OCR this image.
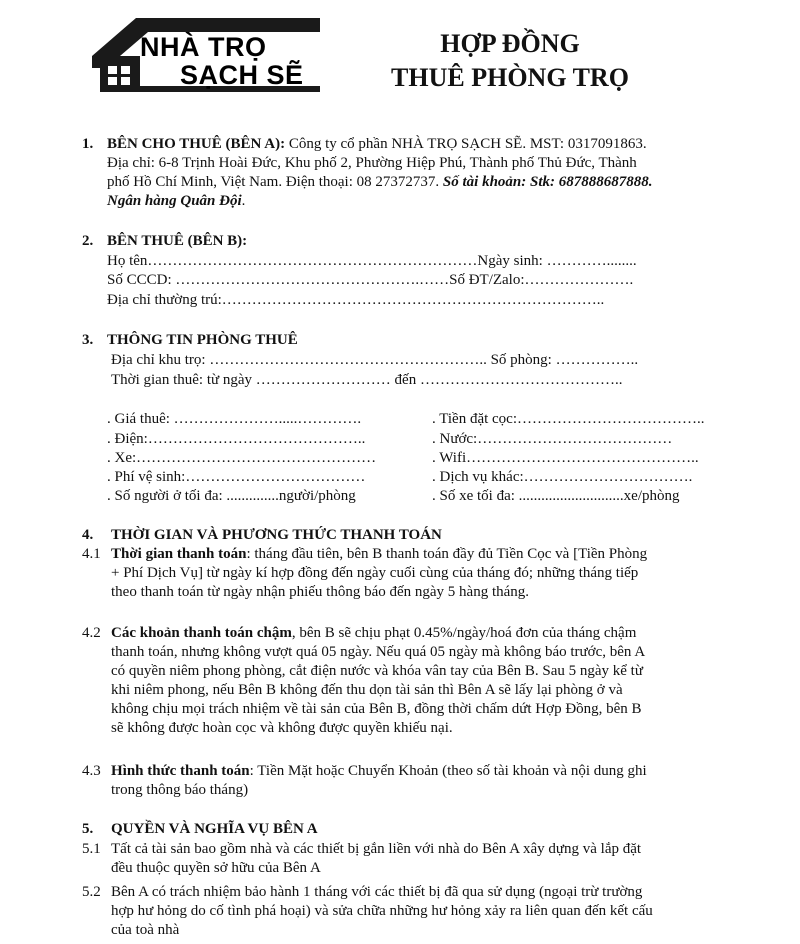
NHÀ TRỌ
SẠCH SẼ
HỢP ĐỒNG
THUÊ PHÒNG TRỌ
1. BÊN CHO THUÊ (BÊN A): Công ty cổ phần NHÀ TRỌ SẠCH SẼ. MST: 0317091863.
Địa chỉ: 6-8 Trịnh Hoài Đức, Khu phố 2, Phường Hiệp Phú, Thành phố Thủ Đức, Thành
phố Hồ Chí Minh, Việt Nam. Điện thoại: 08 27372737. Số tài khoản: Stk: 687888687888.
Ngân hàng Quân Đội.
2. BÊN THUÊ (BÊN B):
Họ tên…………………………………………………………Ngày sinh: …………........
Số CCCD: ………………………………………….……Số ĐT/Zalo:………………….
Địa chỉ thường trú:…………………………………………………………………..
3. THÔNG TIN PHÒNG THUÊ
Địa chỉ khu trọ: ……………………………………………….. Số phòng: ……………..
Thời gian thuê: từ ngày ……………………… đến …………………………………..
. Giá thuê: ………………….....………….
. Điện:……………………………………..
. Xe:…………………………………………
. Phí vệ sinh:………………………………
. Số người ở tối đa: ..............người/phòng
. Tiền đặt cọc:………………………………..
. Nước:…………………………………
. Wifi………………………………………..
. Dịch vụ khác:…………………………….
. Số xe tối đa: ............................xe/phòng
4. THỜI GIAN VÀ PHƯƠNG THỨC THANH TOÁN
4.1 Thời gian thanh toán: tháng đầu tiên, bên B thanh toán đầy đủ Tiền Cọc và [Tiền Phòng
+ Phí Dịch Vụ] từ ngày kí hợp đồng đến ngày cuối cùng của tháng đó; những tháng tiếp
theo thanh toán từ ngày nhận phiếu thông báo đến ngày 5 hàng tháng.
4.2 Các khoản thanh toán chậm, bên B sẽ chịu phạt 0.45%/ngày/hoá đơn của tháng chậm
thanh toán, nhưng không vượt quá 05 ngày. Nếu quá 05 ngày mà không báo trước, bên A
có quyền niêm phong phòng, cắt điện nước và khóa vân tay của Bên B. Sau 5 ngày kể từ
khi niêm phong, nếu Bên B không đến thu dọn tài sản thì Bên A sẽ lấy lại phòng ở và
không chịu mọi trách nhiệm về tài sản của Bên B, đồng thời chấm dứt Hợp Đồng, bên B
sẽ không được hoàn cọc và không được quyền khiếu nại.
4.3 Hình thức thanh toán: Tiền Mặt hoặc Chuyển Khoản (theo số tài khoản và nội dung ghi
trong thông báo tháng)
5. QUYỀN VÀ NGHĨA VỤ BÊN A
5.1 Tất cả tài sản bao gồm nhà và các thiết bị gắn liền với nhà do Bên A xây dựng và lắp đặt
đều thuộc quyền sở hữu của Bên A
5.2 Bên A có trách nhiệm bảo hành 1 tháng với các thiết bị đã qua sử dụng (ngoại trừ trường
hợp hư hỏng do cố tình phá hoại) và sửa chữa những hư hỏng xảy ra liên quan đến kết cấu
của toà nhà
